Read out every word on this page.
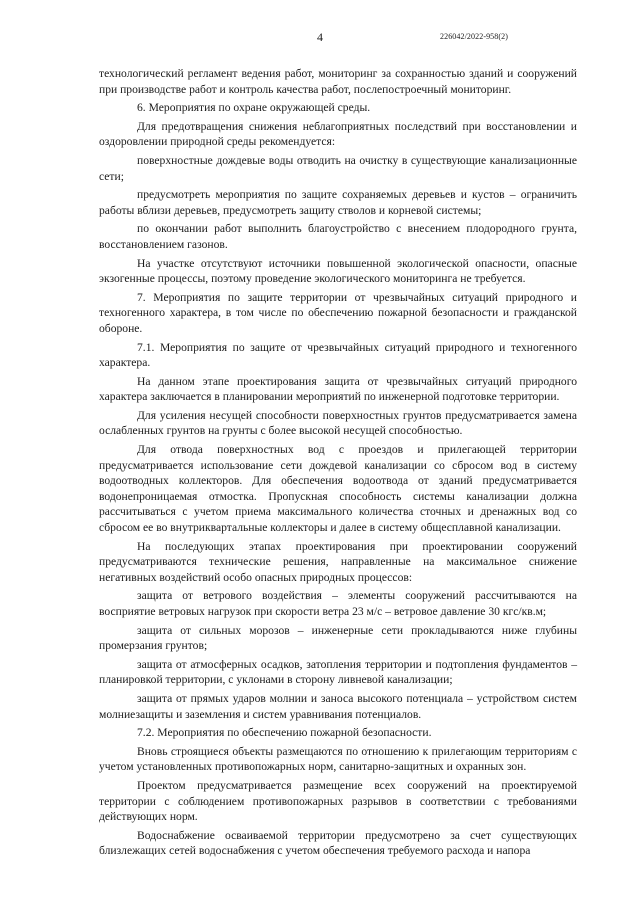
4	226042/2022-958(2)

технологический регламент ведения работ, мониторинг за сохранностью зданий и сооружений при производстве работ и контроль качества работ, послепостроечный мониторинг.

6. Мероприятия по охране окружающей среды.

Для предотвращения снижения неблагоприятных последствий при восстановлении и оздоровлении природной среды рекомендуется:

поверхностные дождевые воды отводить на очистку в существующие канализационные сети;

предусмотреть мероприятия по защите сохраняемых деревьев и кустов – ограничить работы вблизи деревьев, предусмотреть защиту стволов и корневой системы;

по окончании работ выполнить благоустройство с внесением плодородного грунта, восстановлением газонов.

На участке отсутствуют источники повышенной экологической опасности, опасные экзогенные процессы, поэтому проведение экологического мониторинга не требуется.

7. Мероприятия по защите территории от чрезвычайных ситуаций природного и техногенного характера, в том числе по обеспечению пожарной безопасности и гражданской обороне.

7.1. Мероприятия по защите от чрезвычайных ситуаций природного и техногенного характера.

На данном этапе проектирования защита от чрезвычайных ситуаций природного характера заключается в планировании мероприятий по инженерной подготовке территории.

Для усиления несущей способности поверхностных грунтов предусматривается замена ослабленных грунтов на грунты с более высокой несущей способностью.

Для отвода поверхностных вод с проездов и прилегающей территории предусматривается использование сети дождевой канализации со сбросом вод в систему водоотводных коллекторов. Для обеспечения водоотвода от зданий предусматривается водонепроницаемая отмостка. Пропускная способность системы канализации должна рассчитываться с учетом приема максимального количества сточных и дренажных вод со сбросом ее во внутриквартальные коллекторы и далее в систему общесплавной канализации.

На последующих этапах проектирования при проектировании сооружений предусматриваются технические решения, направленные на максимальное снижение негативных воздействий особо опасных природных процессов:

защита от ветрового воздействия – элементы сооружений рассчитываются на восприятие ветровых нагрузок при скорости ветра 23 м/с – ветровое давление 30 кгс/кв.м;

защита от сильных морозов – инженерные сети прокладываются ниже глубины промерзания грунтов;

защита от атмосферных осадков, затопления территории и подтопления фундаментов – планировкой территории, с уклонами в сторону ливневой канализации;

защита от прямых ударов молнии и заноса высокого потенциала – устройством систем молниезащиты и заземления и систем уравнивания потенциалов.

7.2. Мероприятия по обеспечению пожарной безопасности.

Вновь строящиеся объекты размещаются по отношению к прилегающим территориям с учетом установленных противопожарных норм, санитарно-защитных и охранных зон.

Проектом предусматривается размещение всех сооружений на проектируемой территории с соблюдением противопожарных разрывов в соответствии с требованиями действующих норм.

Водоснабжение осваиваемой территории предусмотрено за счет существующих близлежащих сетей водоснабжения с учетом обеспечения требуемого расхода и напора
